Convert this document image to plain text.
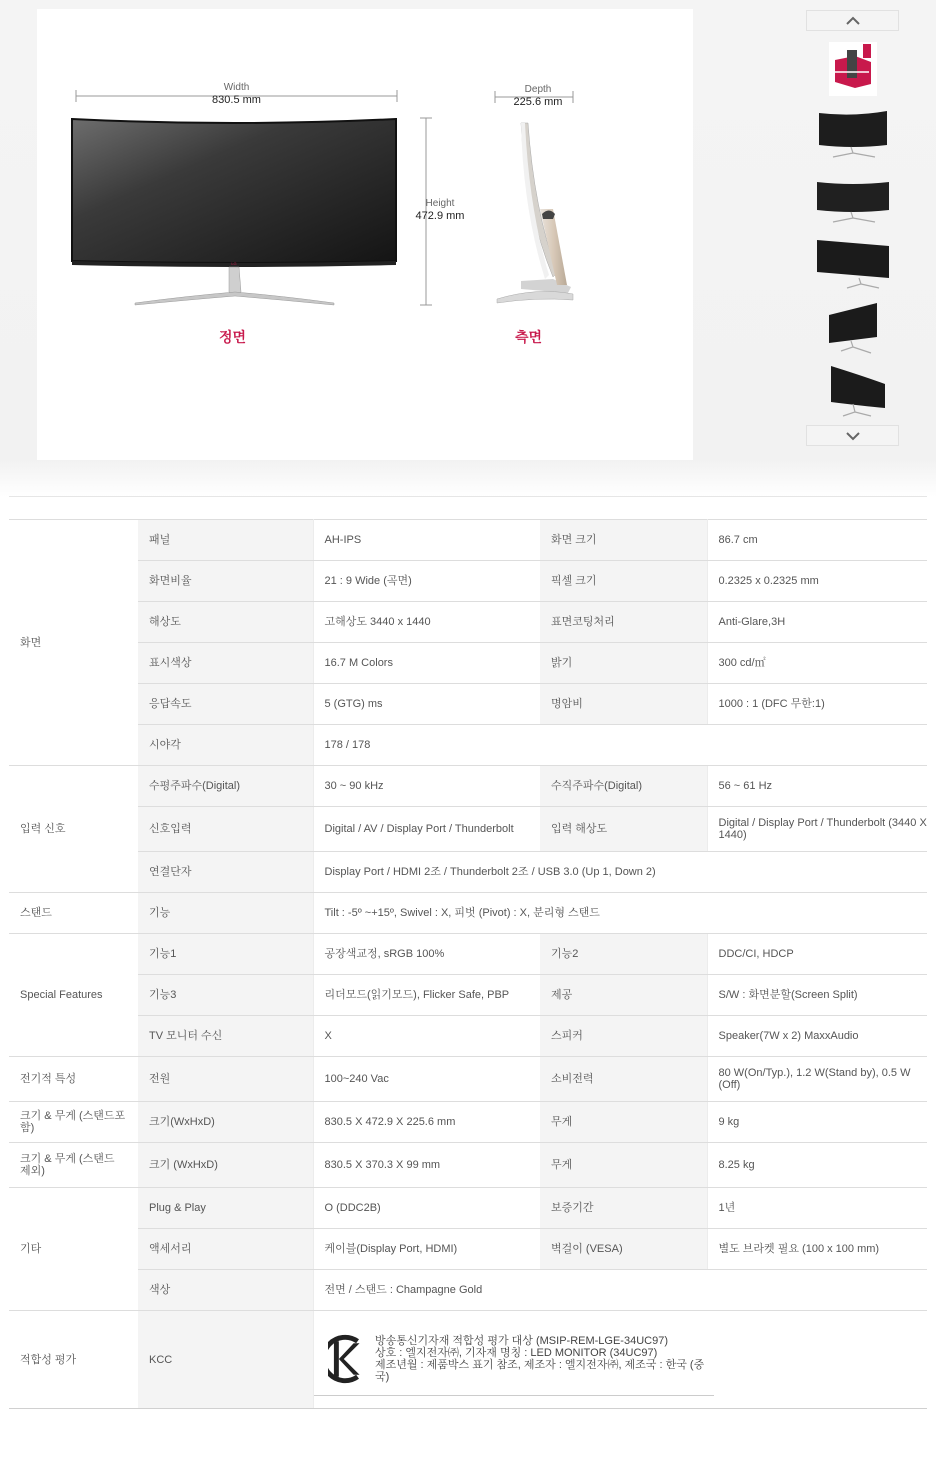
LG
Width
830.5 mm
Height
472.9 mm
Depth
225.6 mm
정면	측면
화면	패널	AH-IPS	화면 크기	86.7 cm
	화면비율	21 : 9 Wide (곡면)	픽셀 크기	0.2325 x 0.2325 mm
	해상도	고해상도 3440 x 1440	표면코팅처리	Anti-Glare,3H
	표시색상	16.7 M Colors	밝기	300 cd/㎡
	응답속도	5 (GTG) ms	명암비	1000 : 1 (DFC 무한:1)
	시야각	178 / 178		
입력 신호	수평주파수(Digital)	30 ~ 90 kHz	수직주파수(Digital)	56 ~ 61 Hz
	신호입력	Digital / AV / Display Port / Thunderbolt	입력 해상도	Digital / Display Port / Thunderbolt (3440 X 1440)
	연결단자	Display Port / HDMI 2조 / Thunderbolt 2조 / USB 3.0 (Up 1, Down 2)		
스탠드	기능	Tilt : -5º ~+15º, Swivel : X, 피벗 (Pivot) : X, 분리형 스탠드		
Special Features	기능1	공장색교정, sRGB 100%	기능2	DDC/CI, HDCP
	기능3	리더모드(읽기모드), Flicker Safe, PBP	제공	S/W : 화면분할(Screen Split)
	TV 모니터 수신	X	스피커	Speaker(7W x 2) MaxxAudio
전기적 특성	전원	100~240 Vac	소비전력	80 W(On/Typ.), 1.2 W(Stand by), 0.5 W (Off)
크기 & 무게 (스탠드포함)	크기(WxHxD)	830.5 X 472.9 X 225.6 mm	무게	9 kg
크기 & 무게 (스탠드 제외)	크기 (WxHxD)	830.5 X 370.3 X 99 mm	무게	8.25 kg
기타	Plug & Play	O (DDC2B)	보증기간	1년
	액세서리	케이블(Display Port, HDMI)	벽걸이 (VESA)	별도 브라켓 필요 (100 x 100 mm)
	색상	전면 / 스탠드 : Champagne Gold		
적합성 평가	KCC	방송통신기자재 적합성 평가 대상 (MSIP-REM-LGE-34UC97)
상호 : 엘지전자㈜, 기자재 명칭 : LED MONITOR (34UC97)
제조년월 : 제품박스 표기 참조, 제조자 : 엘지전자㈜, 제조국 : 한국 (중국)		
